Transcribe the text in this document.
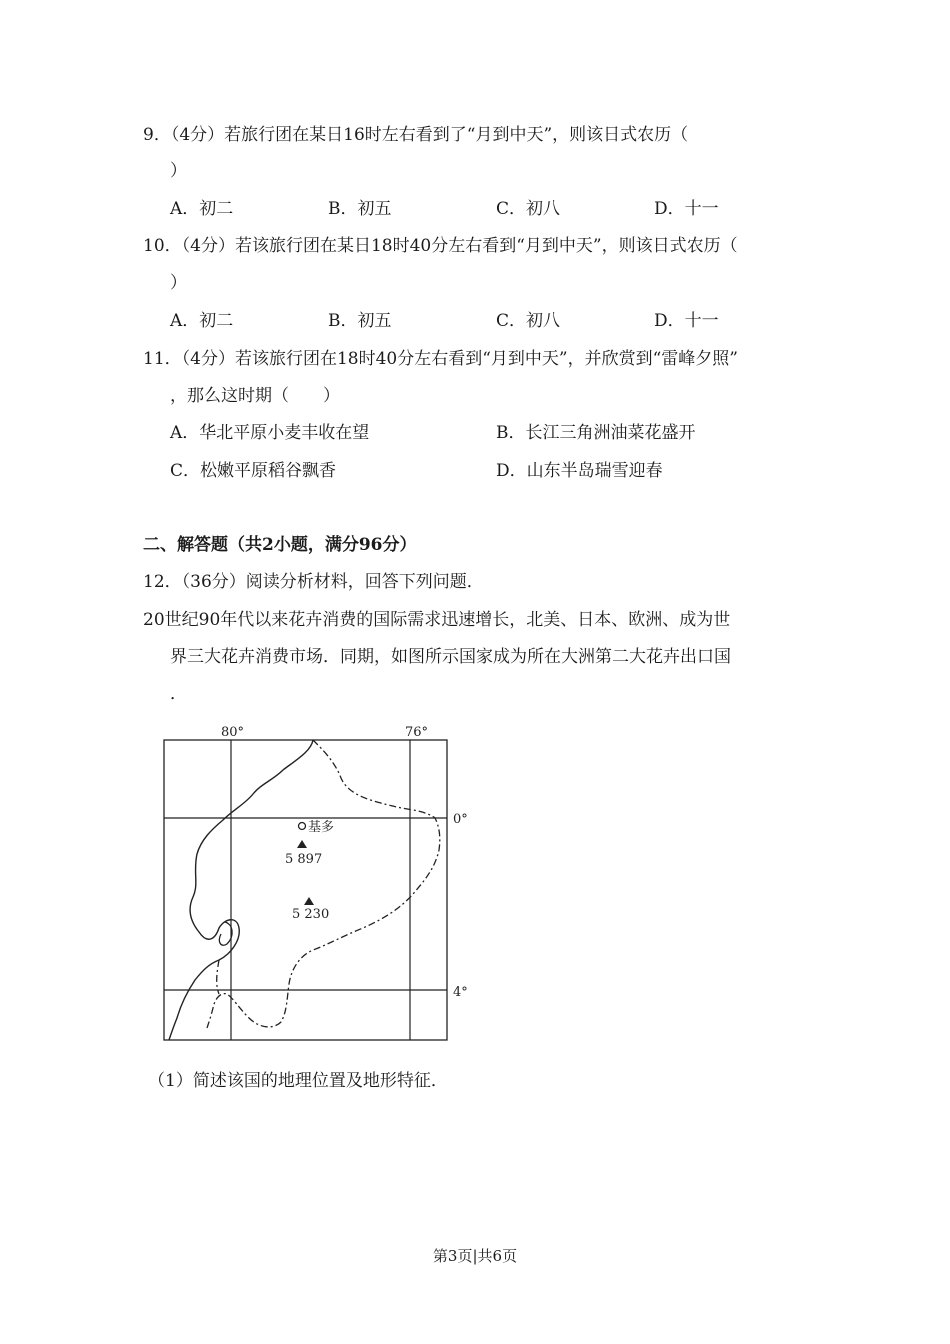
9．（4分）若旅行团在某日16时左右看到了“月到中天”，则该日式农历（
）
A．初二	B．初五	C．初八	D．十一
10．（4分）若该旅行团在某日18时40分左右看到“月到中天”，则该日式农历（
）
A．初二	B．初五	C．初八	D．十一
11．（4分）若该旅行团在18时40分左右看到“月到中天”，并欣赏到“雷峰夕照”
，那么这时期（　　）
A．华北平原小麦丰收在望	B．长江三角洲油菜花盛开
C．松嫩平原稻谷飘香	D．山东半岛瑞雪迎春
二、解答题（共2小题，满分96分）
12．（36分）阅读分析材料，回答下列问题．
20世纪90年代以来花卉消费的国际需求迅速增长，北美、日本、欧洲、成为世
界三大花卉消费市场．同期，如图所示国家成为所在大洲第二大花卉出口国
．
80°	76°
0°
4°
基多
5 897
5 230
（1）简述该国的地理位置及地形特征．
第3页|共6页
